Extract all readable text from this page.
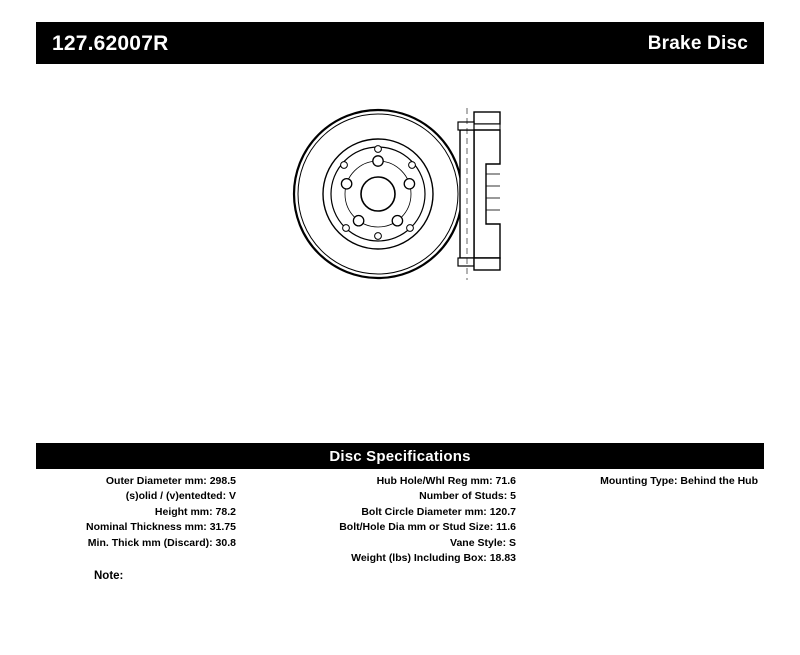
127.62007R	Brake Disc
Disc Specifications
Outer Diameter mm: 298.5
(s)olid / (v)entedted: V
Height mm: 78.2
Nominal Thickness mm: 31.75
Min. Thick mm (Discard): 30.8
Hub Hole/Whl Reg mm: 71.6
Number of Studs: 5
Bolt Circle Diameter mm: 120.7
Bolt/Hole Dia mm or Stud Size: 11.6
Vane Style: S
Weight (lbs) Including Box: 18.83
Mounting Type: Behind the Hub
Note:
